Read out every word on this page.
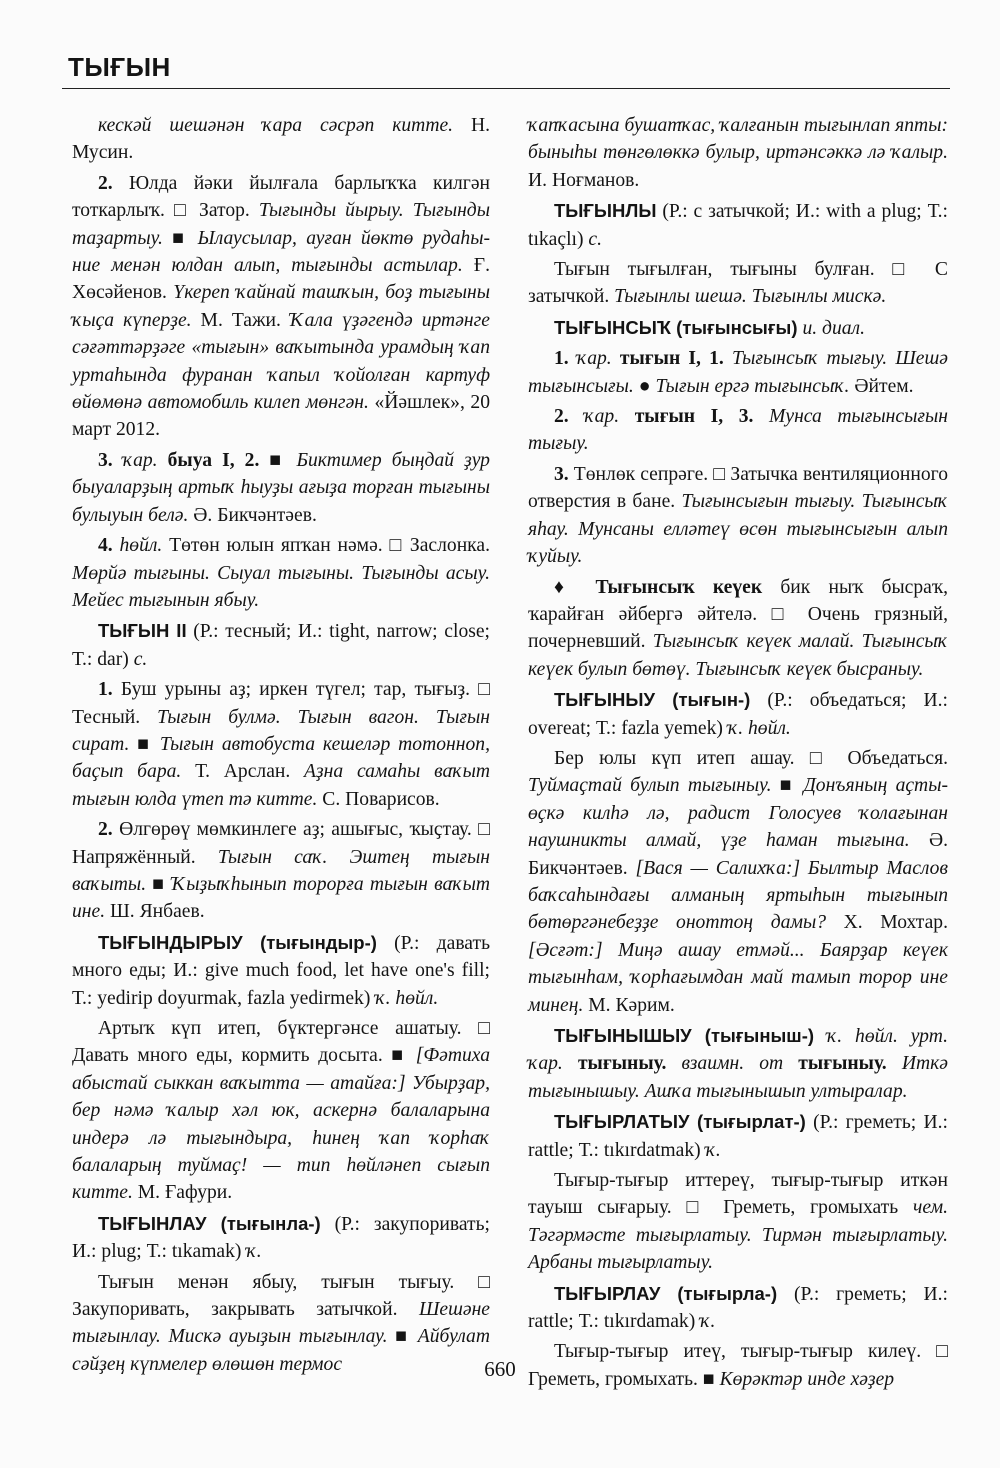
ТЫҒЫН

кескәй шешәнән ҡара сәсрәп китте. Н. Мусин.

2. Юлда йәки йылғала барлыҡҡа килгән тоткарлыҡ. □ Затор. Тығынды йырыу. Тығынды таҙартыу. ■ Ылаусылар, ауған йөктө рудаһы-ние менән юлдан алып, тығынды астылар. Ғ. Хөсәйенов. Үкереп ҡайнай ташҡын, боҙ тығыны ҡыҫа күперҙе. М. Тажи. Ҡала үҙәгендә иртәнге сәғәттәрҙәге «тығын» ваҡытында урамдың ҡап уртаһында фуранан ҡапыл ҡойолған картуф өйөмөнә автомобиль килеп мөнгән. «Йәшлек», 20 март 2012.

3. ҡар. быуа I, 2. ■ Биктимер быңдай ҙур быуаларҙың артыҡ һыуҙы ағыҙа торған тығыны булыуын белә. Ә. Бикчәнтәев.

4. һөйл. Төтөн юлын япҡан нәмә. □ Заслонка. Мөрйә тығыны. Сыуал тығыны. Тығынды асыу. Мейес тығынын ябыу.

ТЫҒЫН II (Р.: тесный; И.: tight, narrow; close; Т.: dar) с.

1. Буш урыны аҙ; иркен түгел; тар, тығыҙ. □ Тесный. Тығын булмә. Тығын вагон. Тығын сират. ■ Тығын автобуста кешеләр тотонноп, баҫып бара. Т. Арслан. Аҙна самаһы ваҡыт тығын юлда үтеп тә китте. С. Поварисов.

2. Өлгөрөү мөмкинлеге аҙ; ашығыс, ҡыҫтау. □ Напряжённый. Тығын саҡ. Эштең тығын ваҡыты. ■ Ҡыҙыҡһынып торорға тығын ваҡыт ине. Ш. Янбаев.

ТЫҒЫНДЫРЫУ (тығындыр-) (Р.: давать много еды; И.: give much food, let have one's fill; Т.: yedirip doyurmak, fazla yedirmek) ҡ. һөйл.

Артыҡ күп итеп, бүктергәнсе ашатыу. □ Давать много еды, кормить досыта. ■ [Фәтиха абыстай сыккан ваҡытта — атайға:] Убырҙар, бер нәмә ҡалыр хәл юк, аскернә балаларына индерә лә тығындыра, һинең ҡап ҡорһаҡ балаларың туймаҫ! — тип һөйләнеп сығып китте. М. Ғафури.

ТЫҒЫНЛАУ (тығынла-) (Р.: закупоривать; И.: plug; Т.: tıkamak) ҡ.

Тығын менән ябыу, тығын тығыу. □ Закупоривать, закрывать затычкой. Шешәне тығынлау. Мискә ауыҙын тығынлау. ■ Айбулат сәйҙең күпмелер өлөшөн термос

ҡапҡасына бушатҡас, ҡалғанын тығынлап япты: быныһы төнгөлөккә булыр, иртәнсәккә лә ҡалыр. И. Ноғманов.

ТЫҒЫНЛЫ (Р.: с затычкой; И.: with a plug; Т.: tıkaçlı) с.

Тығын тығылған, тығыны булған. □ С затычкой. Тығынлы шешә. Тығынлы мискә.

ТЫҒЫНСЫҠ (тығынсығы) и. диал.

1. ҡар. тығын I, 1. Тығынсыҡ тығыу. Шешә тығынсығы. ● Тығын ергә тығынсыҡ. Әйтем.

2. ҡар. тығын I, 3. Мунса тығынсығын тығыу.

3. Төнлөк сепрәге. □ Затычка вентиляционного отверстия в бане. Тығынсығын тығыу. Тығынсыҡ яһау. Мунсаны елләтеү өсөн тығынсығын алып ҡуйыу.

♦ Тығынсыҡ кеүек бик ныҡ бысраҡ, ҡарайған әйбергә әйтелә. □ Очень грязный, почерневший. Тығынсыҡ кеүек малай. Тығынсыҡ кеүек булып бөтөү. Тығынсыҡ кеүек бысраныу.

ТЫҒЫНЫУ (тығын-) (Р.: объедаться; И.: overeat; Т.: fazla yemek) ҡ. һөйл.

Бер юлы күп итеп ашау. □ Объедаться. Туймаҫтай булып тығыныу. ■ Донъяның аҫты-өҫкә килһә лә, радист Голосуев ҡолағынан наушникты алмай, үҙе һаман тығына. Ә. Бикчәнтәев. [Вася — Салихҡа:] Былтыр Маслов баҡсаһындағы алманың яртыһын тығынып бөтөргәнебеҙҙе оноттоң дамы? Х. Мохтар. [Әсғәт:] Миңә ашау етмәй... Баярҙар кеүек тығынһам, ҡорһағымдан май тамып торор ине минең. М. Кәрим.

ТЫҒЫНЫШЫУ (тығыныш-) ҡ. һөйл. урт. ҡар. тығыныу. взаимн. от тығыныу. Иткә тығынышыу. Ашҡа тығынышып ултыралар.

ТЫҒЫРЛАТЫУ (тығырлат-) (Р.: греметь; И.: rattle; Т.: tıkırdatmak) ҡ.

Тығыр-тығыр иттереү, тығыр-тығыр иткән тауыш сығарыу. □ Греметь, громыхать чем. Тәгәрмәсте тығырлатыу. Тирмән тығырлатыу. Арбаны тығырлатыу.

ТЫҒЫРЛАУ (тығырла-) (Р.: греметь; И.: rattle; Т.: tıkırdamak) ҡ.

Тығыр-тығыр итеү, тығыр-тығыр килеү. □ Греметь, громыхать. ■ Көрәктәр инде хәҙер

660
